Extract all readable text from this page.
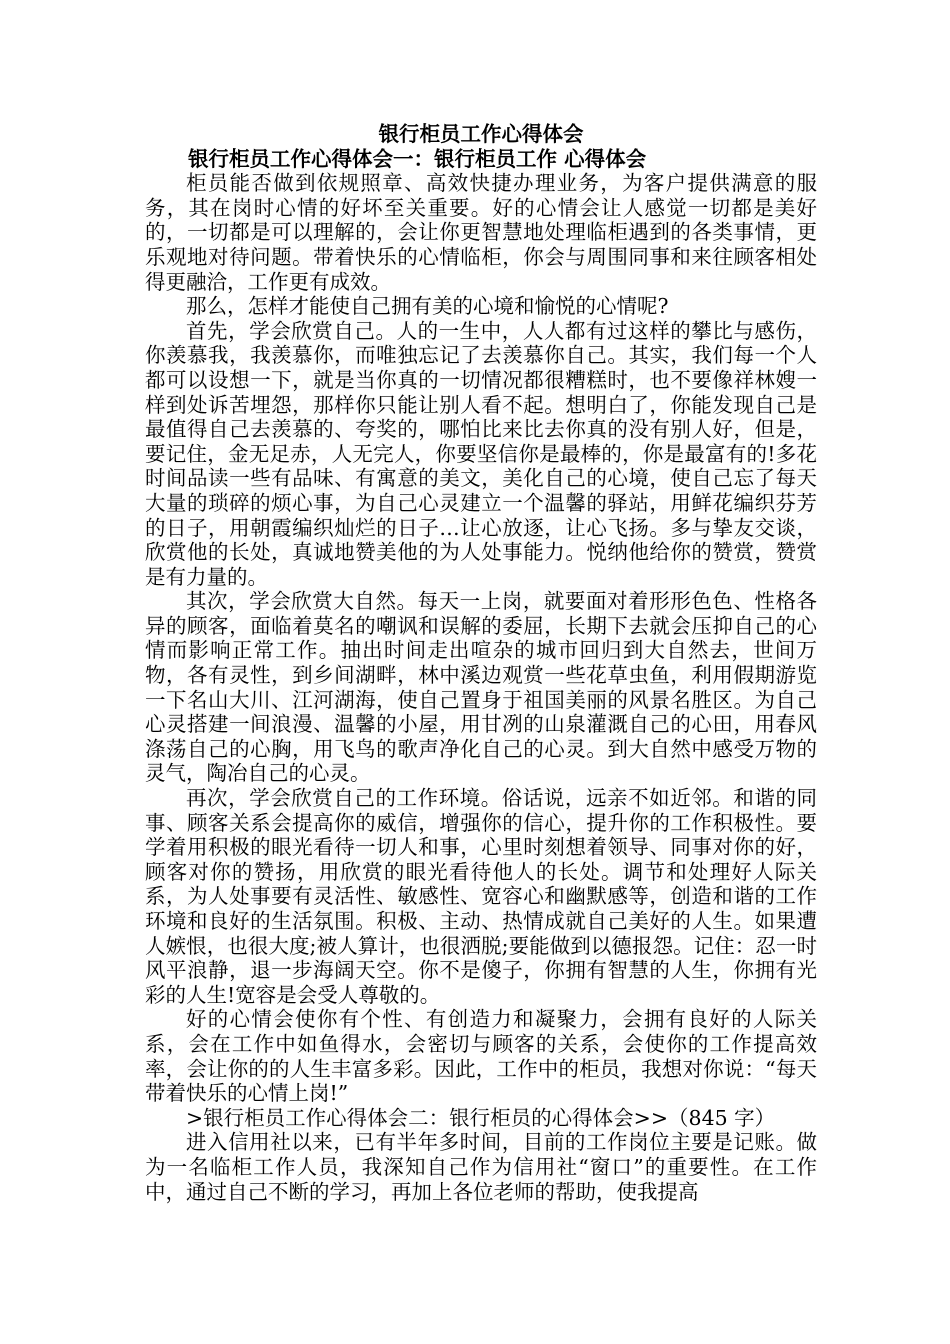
银行柜员工作心得体会

银行柜员工作心得体会一：银行柜员工作 心得体会

柜员能否做到依规照章、高效快捷办理业务，为客户提供满意的服务，其在岗时心情的好坏至关重要。好的心情会让人感觉一切都是美好的，一切都是可以理解的，会让你更智慧地处理临柜遇到的各类事情，更乐观地对待问题。带着快乐的心情临柜，你会与周围同事和来往顾客相处得更融洽，工作更有成效。

那么，怎样才能使自己拥有美的心境和愉悦的心情呢?

首先，学会欣赏自己。人的一生中，人人都有过这样的攀比与感伤，你羡慕我，我羡慕你，而唯独忘记了去羡慕你自己。其实，我们每一个人都可以设想一下，就是当你真的一切情况都很糟糕时，也不要像祥林嫂一样到处诉苦埋怨，那样你只能让别人看不起。想明白了，你能发现自己是最值得自己去羡慕的、夸奖的，哪怕比来比去你真的没有别人好，但是，要记住，金无足赤，人无完人，你要坚信你是最棒的，你是最富有的!多花时间品读一些有品味、有寓意的美文，美化自己的心境，使自己忘了每天大量的琐碎的烦心事，为自己心灵建立一个温馨的驿站，用鲜花编织芬芳的日子，用朝霞编织灿烂的日子…让心放逐，让心飞扬。多与挚友交谈，欣赏他的长处，真诚地赞美他的为人处事能力。悦纳他给你的赞赏，赞赏是有力量的。

其次，学会欣赏大自然。每天一上岗，就要面对着形形色色、性格各异的顾客，面临着莫名的嘲讽和误解的委屈，长期下去就会压抑自己的心情而影响正常工作。抽出时间走出喧杂的城市回归到大自然去，世间万物，各有灵性，到乡间湖畔，林中溪边观赏一些花草虫鱼，利用假期游览一下名山大川、江河湖海，使自己置身于祖国美丽的风景名胜区。为自己心灵搭建一间浪漫、温馨的小屋，用甘冽的山泉灌溉自己的心田，用春风涤荡自己的心胸，用飞鸟的歌声净化自己的心灵。到大自然中感受万物的灵气，陶冶自己的心灵。

再次，学会欣赏自己的工作环境。俗话说，远亲不如近邻。和谐的同事、顾客关系会提高你的威信，增强你的信心，提升你的工作积极性。要学着用积极的眼光看待一切人和事，心里时刻想着领导、同事对你的好，顾客对你的赞扬，用欣赏的眼光看待他人的长处。调节和处理好人际关系，为人处事要有灵活性、敏感性、宽容心和幽默感等，创造和谐的工作环境和良好的生活氛围。积极、主动、热情成就自己美好的人生。如果遭人嫉恨，也很大度;被人算计，也很洒脱;要能做到以德报怨。记住：忍一时风平浪静，退一步海阔天空。你不是傻子，你拥有智慧的人生，你拥有光彩的人生!宽容是会受人尊敬的。

好的心情会使你有个性、有创造力和凝聚力，会拥有良好的人际关系，会在工作中如鱼得水，会密切与顾客的关系，会使你的工作提高效率，会让你的的人生丰富多彩。因此，工作中的柜员，我想对你说：“每天带着快乐的心情上岗!”

>银行柜员工作心得体会二：银行柜员的心得体会>>（845 字）

进入信用社以来，已有半年多时间，目前的工作岗位主要是记账。做为一名临柜工作人员，我深知自己作为信用社“窗口”的重要性。在工作中，通过自己不断的学习，再加上各位老师的帮助，使我提高
